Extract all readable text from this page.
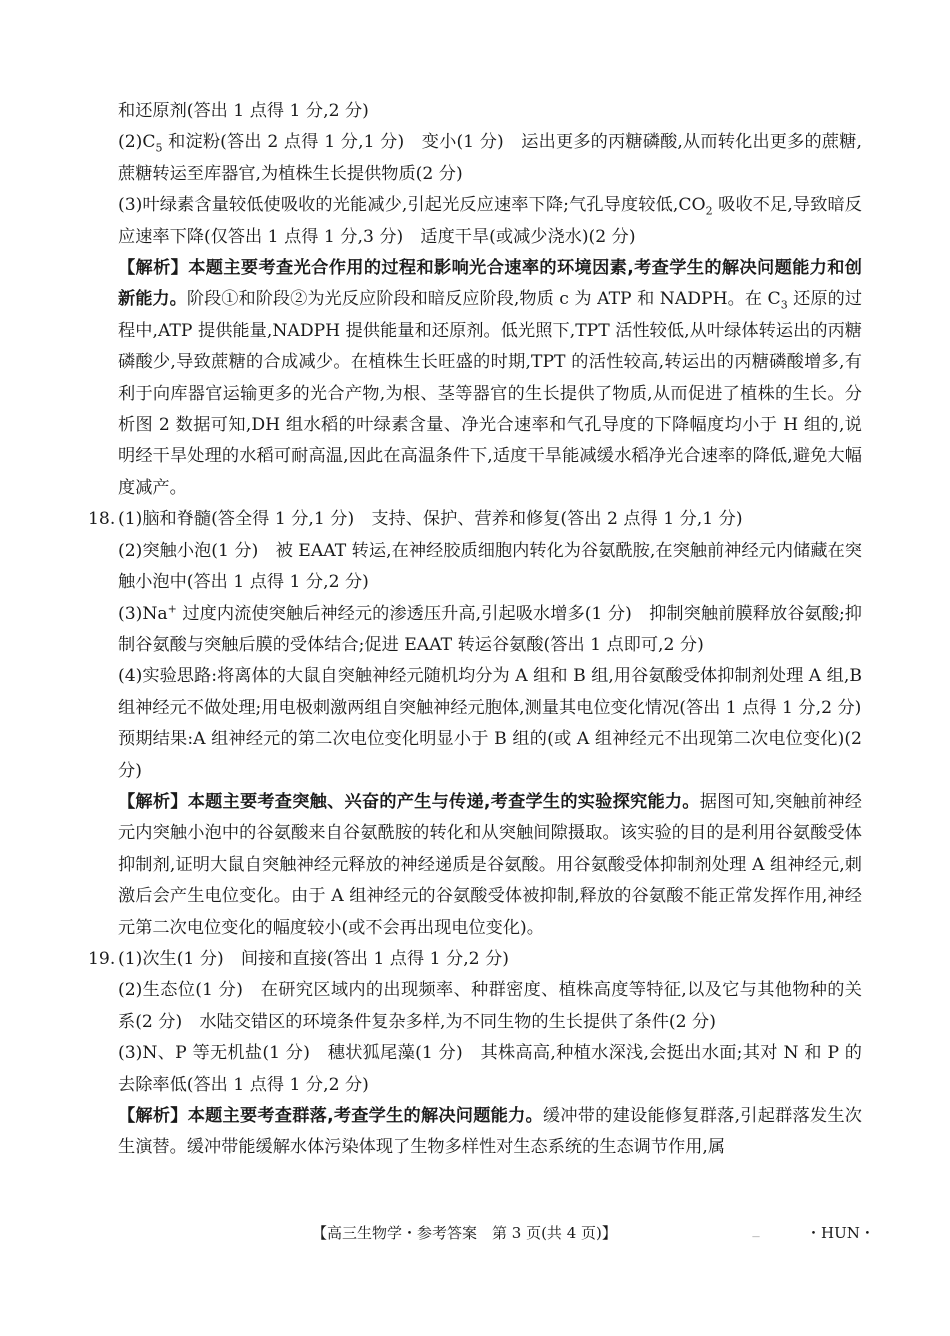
和还原剂(答出 1 点得 1 分,2 分)

$(2)C_5$ 和淀粉(答出 2 点得 1 分,1 分)　变小(1 分)　运出更多的丙糖磷酸,从而转化出更多的蔗糖,蔗糖转运至库器官,为植株生长提供物质(2 分)

(3)叶绿素含量较低使吸收的光能减少,引起光反应速率下降;气孔导度较低$,CO_2$ 吸收不足,导致暗反应速率下降(仅答出 1 点得 1 分,3 分)　适度干旱(或减少浇水)(2 分)

【解析】本题主要考查光合作用的过程和影响光合速率的环境因素,考查学生的解决问题能力和创新能力。阶段①和阶段②为光反应阶段和暗反应阶段,物质 c 为 ATP 和 NADPH。在 $C_3$ 还原的过程中,ATP 提供能量,NADPH 提供能量和还原剂。低光照下,TPT 活性较低,从叶绿体转运出的丙糖磷酸少,导致蔗糖的合成减少。在植株生长旺盛的时期,TPT 的活性较高,转运出的丙糖磷酸增多,有利于向库器官运输更多的光合产物,为根、茎等器官的生长提供了物质,从而促进了植株的生长。分析图 2 数据可知,DH 组水稻的叶绿素含量、净光合速率和气孔导度的下降幅度均小于 H 组的,说明经干旱处理的水稻可耐高温,因此在高温条件下,适度干旱能减缓水稻净光合速率的降低,避免大幅度减产。

18. (1)脑和脊髓(答全得 1 分,1 分)　支持、保护、营养和修复(答出 2 点得 1 分,1 分)

(2)突触小泡(1 分)　被 EAAT 转运,在神经胶质细胞内转化为谷氨酰胺,在突触前神经元内储藏在突触小泡中(答出 1 点得 1 分,2 分)

(3)Na+ 过度内流使突触后神经元的渗透压升高,引起吸水增多(1 分)　抑制突触前膜释放谷氨酸;抑制谷氨酸与突触后膜的受体结合;促进 EAAT 转运谷氨酸(答出 1 点即可,2 分)

(4)实验思路:将离体的大鼠自突触神经元随机均分为 A 组和 B 组,用谷氨酸受体抑制剂处理 A 组,B 组神经元不做处理;用电极刺激两组自突触神经元胞体,测量其电位变化情况(答出 1 点得 1 分,2 分)

预期结果:A 组神经元的第二次电位变化明显小于 B 组的(或 A 组神经元不出现第二次电位变化)(2 分)

【解析】本题主要考查突触、兴奋的产生与传递,考查学生的实验探究能力。据图可知,突触前神经元内突触小泡中的谷氨酸来自谷氨酰胺的转化和从突触间隙摄取。该实验的目的是利用谷氨酸受体抑制剂,证明大鼠自突触神经元释放的神经递质是谷氨酸。用谷氨酸受体抑制剂处理 A 组神经元,刺激后会产生电位变化。由于 A 组神经元的谷氨酸受体被抑制,释放的谷氨酸不能正常发挥作用,神经元第二次电位变化的幅度较小(或不会再出现电位变化)。

19. (1)次生(1 分)　间接和直接(答出 1 点得 1 分,2 分)

(2)生态位(1 分)　在研究区域内的出现频率、种群密度、植株高度等特征,以及它与其他物种的关系(2 分)　水陆交错区的环境条件复杂多样,为不同生物的生长提供了条件(2 分)

(3)N、P 等无机盐(1 分)　穗状狐尾藻(1 分)　其株高高,种植水深浅,会挺出水面;其对 N 和 P 的去除率低(答出 1 点得 1 分,2 分)

【解析】本题主要考查群落,考查学生的解决问题能力。缓冲带的建设能修复群落,引起群落发生次生演替。缓冲带能缓解水体污染体现了生物多样性对生态系统的生态调节作用,属

【高三生物学・参考答案　第 3 页(共 4 页)】	—	・HUN・
